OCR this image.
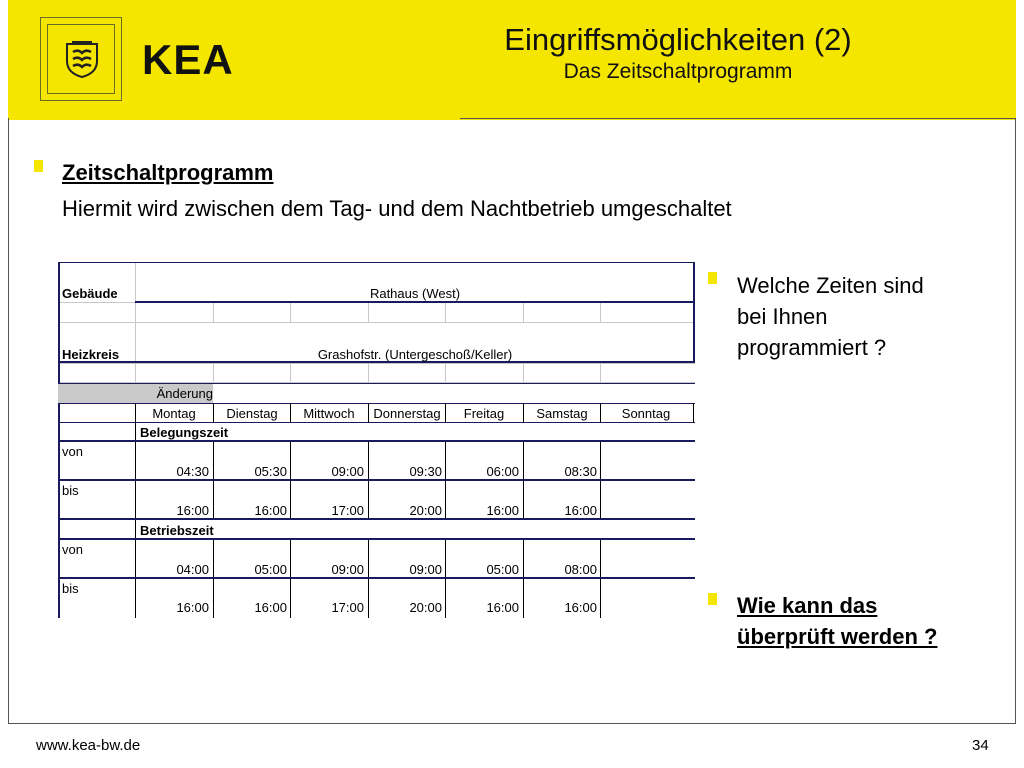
KEA	Eingriffsmöglichkeiten (2)
Das Zeitschaltprogramm
Zeitschaltprogramm
Hiermit wird zwischen dem Tag- und dem Nachtbetrieb umgeschaltet
Welche Zeiten sind
bei Ihnen
programmiert ?
Wie kann das
überprüft werden ?
Gebäude	Rathaus (West)
Heizkreis	Grashofstr. (Untergeschoß/Keller)
Änderung
Montag	Dienstag	Mittwoch	Donnerstag	Freitag	Samstag	Sonntag
Belegungszeit
von
04:30	05:30	09:00	09:30	06:00	08:30
bis
16:00	16:00	17:00	20:00	16:00	16:00
Betriebszeit
von
04:00	05:00	09:00	09:00	05:00	08:00
bis
16:00	16:00	17:00	20:00	16:00	16:00
www.kea-bw.de	34
